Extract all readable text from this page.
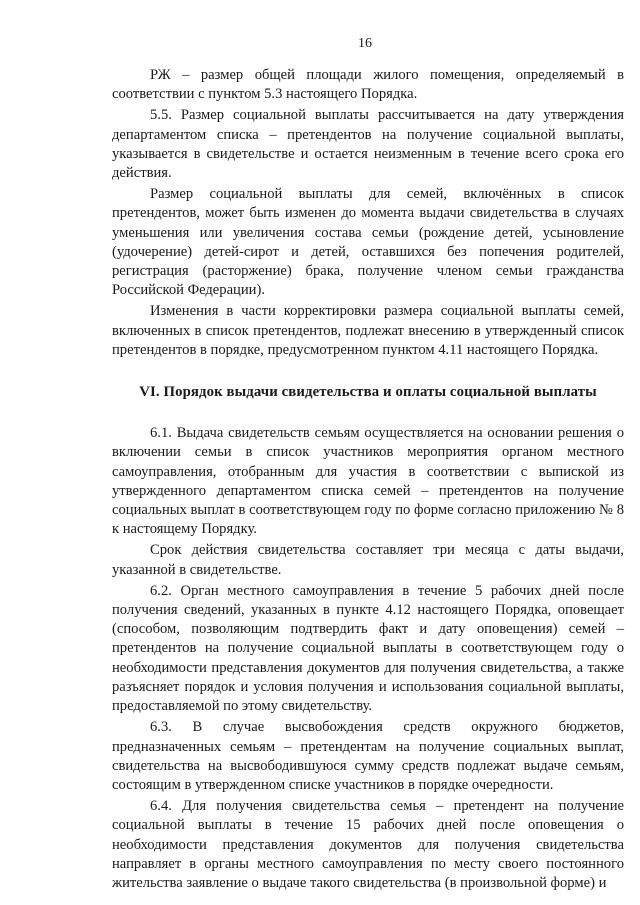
16

РЖ – размер общей площади жилого помещения, определяемый в соответствии с пунктом 5.3 настоящего Порядка.

5.5. Размер социальной выплаты рассчитывается на дату утверждения департаментом списка – претендентов на получение социальной выплаты, указывается в свидетельстве и остается неизменным в течение всего срока его действия.

Размер социальной выплаты для семей, включённых в список претендентов, может быть изменен до момента выдачи свидетельства в случаях уменьшения или увеличения состава семьи (рождение детей, усыновление (удочерение) детей-сирот и детей, оставшихся без попечения родителей, регистрация (расторжение) брака, получение членом семьи гражданства Российской Федерации).

Изменения в части корректировки размера социальной выплаты семей, включенных в список претендентов, подлежат внесению в утвержденный список претендентов в порядке, предусмотренном пунктом 4.11 настоящего Порядка.

VI. Порядок выдачи свидетельства и оплаты социальной выплаты

6.1. Выдача свидетельств семьям осуществляется на основании решения о включении семьи в список участников мероприятия органом местного самоуправления, отобранным для участия в соответствии с выпиской из утвержденного департаментом списка семей – претендентов на получение социальных выплат в соответствующем году по форме согласно приложению № 8 к настоящему Порядку.

Срок действия свидетельства составляет три месяца с даты выдачи, указанной в свидетельстве.

6.2. Орган местного самоуправления в течение 5 рабочих дней после получения сведений, указанных в пункте 4.12 настоящего Порядка, оповещает (способом, позволяющим подтвердить факт и дату оповещения) семей – претендентов на получение социальной выплаты в соответствующем году о необходимости представления документов для получения свидетельства, а также разъясняет порядок и условия получения и использования социальной выплаты, предоставляемой по этому свидетельству.

6.3. В случае высвобождения средств окружного бюджетов, предназначенных семьям – претендентам на получение социальных выплат, свидетельства на высвободившуюся сумму средств подлежат выдаче семьям, состоящим в утвержденном списке участников в порядке очередности.

6.4. Для получения свидетельства семья – претендент на получение социальной выплаты в течение 15 рабочих дней после оповещения о необходимости представления документов для получения свидетельства направляет в органы местного самоуправления по месту своего постоянного жительства заявление о выдаче такого свидетельства (в произвольной форме) и
